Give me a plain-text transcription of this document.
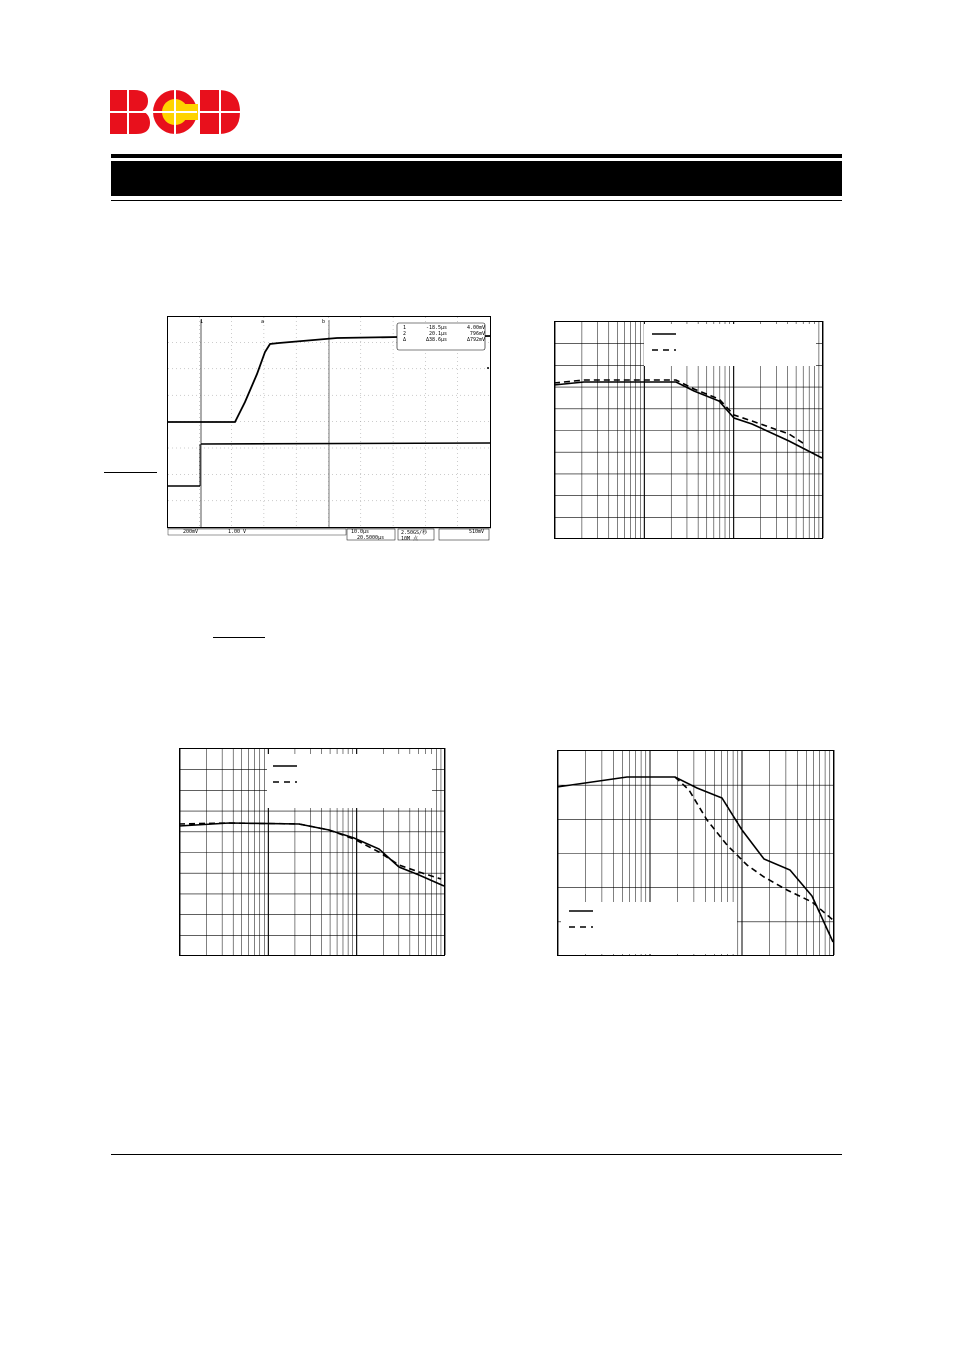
1	a	b
1	-18.5µs	4.00mV
2	20.1µs	796mV
Δ	Δ38.6µs	Δ792mV
200mV	1.00 V	10.0µs
20.5000µs
2.50GS/秒
10M 点
510mV
